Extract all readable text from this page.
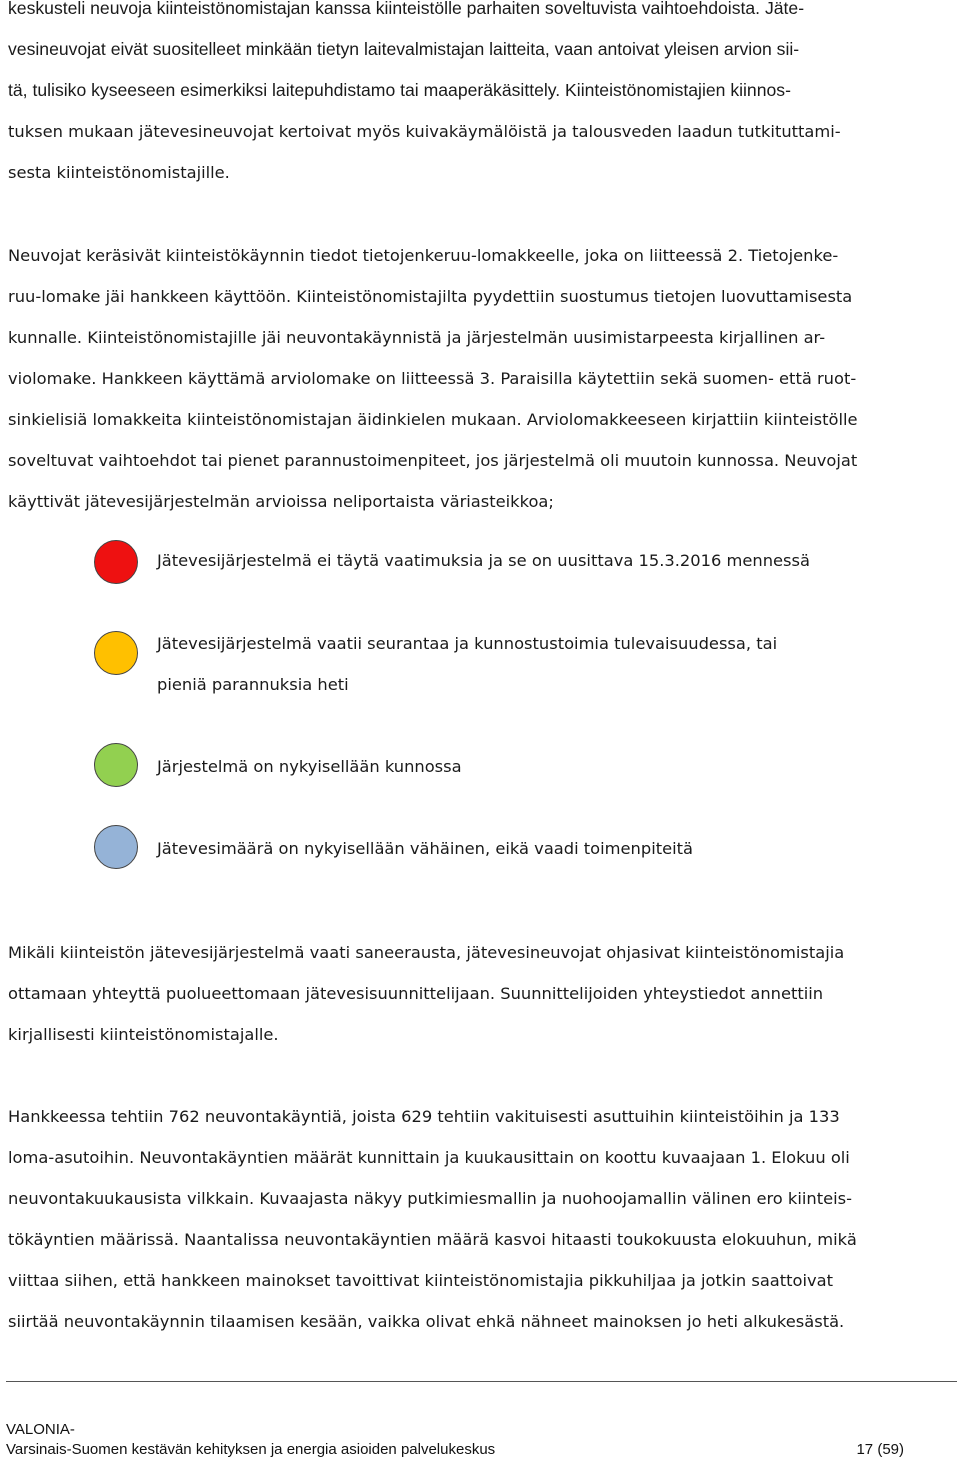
keskusteli neuvoja kiinteistönomistajan kanssa kiinteistölle parhaiten soveltuvista vaihtoehdoista. Jäte-
vesineuvojat eivät suositelleet minkään tietyn laitevalmistajan laitteita, vaan antoivat yleisen arvion sii-
tä, tulisiko kyseeseen esimerkiksi laitepuhdistamo tai maaperäkäsittely. Kiinteistönomistajien kiinnos-
tuksen mukaan jätevesineuvojat kertoivat myös kuivakäymälöistä ja talousveden laadun tutkituttami-
sesta kiinteistönomistajille.
Neuvojat keräsivät kiinteistökäynnin tiedot tietojenkeruu-lomakkeelle, joka on liitteessä 2. Tietojenke-
ruu-lomake jäi hankkeen käyttöön. Kiinteistönomistajilta pyydettiin suostumus tietojen luovuttamisesta
kunnalle. Kiinteistönomistajille jäi neuvontakäynnistä ja järjestelmän uusimistarpeesta kirjallinen ar-
violomake. Hankkeen käyttämä arviolomake on liitteessä 3. Paraisilla käytettiin sekä suomen- että ruot-
sinkielisiä lomakkeita kiinteistönomistajan äidinkielen mukaan. Arviolomakkeeseen kirjattiin kiinteistölle
soveltuvat vaihtoehdot tai pienet parannustoimenpiteet, jos järjestelmä oli muutoin kunnossa. Neuvojat
käyttivät jätevesijärjestelmän arvioissa neliportaista väriasteikkoa;
Jätevesijärjestelmä ei täytä vaatimuksia ja se on uusittava 15.3.2016 mennessä
Jätevesijärjestelmä vaatii seurantaa ja kunnostustoimia tulevaisuudessa, tai
pieniä parannuksia heti
Järjestelmä on nykyisellään kunnossa
Jätevesimäärä on nykyisellään vähäinen, eikä vaadi toimenpiteitä
Mikäli kiinteistön jätevesijärjestelmä vaati saneerausta, jätevesineuvojat ohjasivat kiinteistönomistajia
ottamaan yhteyttä puolueettomaan jätevesisuunnittelijaan. Suunnittelijoiden yhteystiedot annettiin
kirjallisesti kiinteistönomistajalle.
Hankkeessa tehtiin 762 neuvontakäyntiä, joista 629 tehtiin vakituisesti asuttuihin kiinteistöihin ja 133
loma-asutoihin. Neuvontakäyntien määrät kunnittain ja kuukausittain on koottu kuvaajaan 1. Elokuu oli
neuvontakuukausista vilkkain. Kuvaajasta näkyy putkimiesmallin ja nuohoojamallin välinen ero kiinteis-
tökäyntien määrissä. Naantalissa neuvontakäyntien määrä kasvoi hitaasti toukokuusta elokuuhun, mikä
viittaa siihen, että hankkeen mainokset tavoittivat kiinteistönomistajia pikkuhiljaa ja jotkin saattoivat
siirtää neuvontakäynnin tilaamisen kesään, vaikka olivat ehkä nähneet mainoksen jo heti alkukesästä.
VALONIA-
Varsinais-Suomen kestävän kehityksen ja energia asioiden palvelukeskus	17 (59)
